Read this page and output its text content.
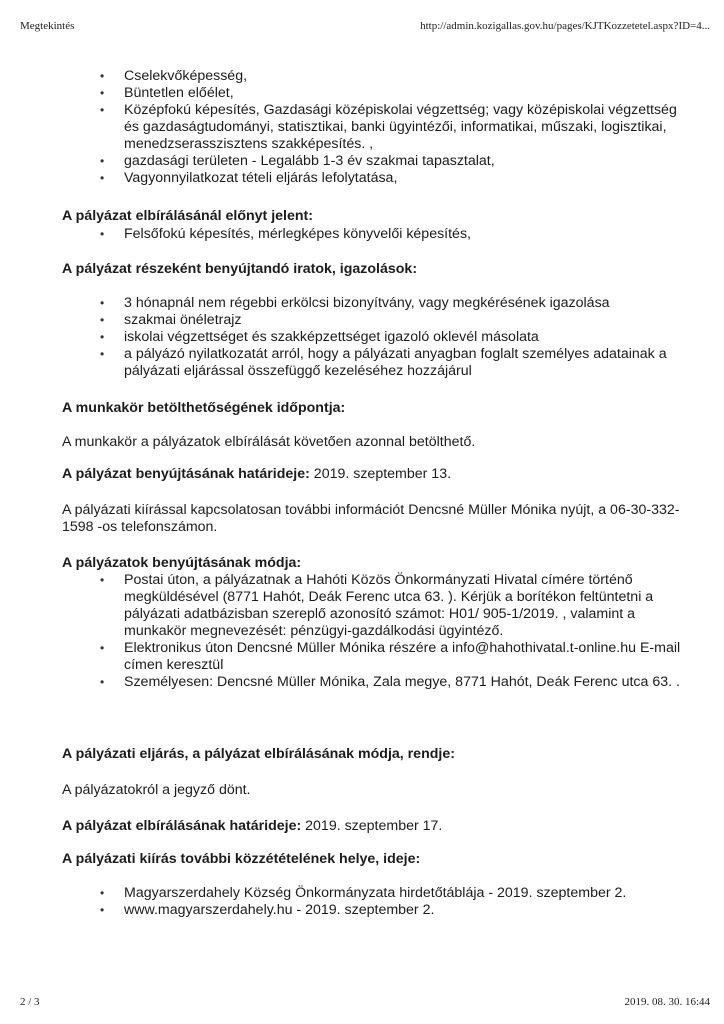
Megtekintés	http://admin.kozigallas.gov.hu/pages/KJTKozzetetel.aspx?ID=4...
• Cselekvőképesség,
• Büntetlen előélet,
• Középfokú képesítés, Gazdasági középiskolai végzettség; vagy középiskolai végzettség és gazdaságtudományi, statisztikai, banki ügyintézői, informatikai, műszaki, logisztikai, menedzserasszisztens szakképesítés. ,
• gazdasági területen - Legalább 1-3 év szakmai tapasztalat,
• Vagyonnyilatkozat tételi eljárás lefolytatása,
A pályázat elbírálásánál előnyt jelent:
• Felsőfokú képesítés, mérlegképes könyvelői képesítés,
A pályázat részeként benyújtandó iratok, igazolások:
• 3 hónapnál nem régebbi erkölcsi bizonyítvány, vagy megkérésének igazolása
• szakmai önéletrajz
• iskolai végzettséget és szakképzettséget igazoló oklevél másolata
• a pályázó nyilatkozatát arról, hogy a pályázati anyagban foglalt személyes adatainak a pályázati eljárással összefüggő kezeléséhez hozzájárul
A munkakör betölthetőségének időpontja:
A munkakör a pályázatok elbírálását követően azonnal betölthető.
A pályázat benyújtásának határideje: 2019. szeptember 13.
A pályázati kiírással kapcsolatosan további információt Dencsné Müller Mónika nyújt, a 06-30-332-1598 -os telefonszámon.
A pályázatok benyújtásának módja:
• Postai úton, a pályázatnak a Hahóti Közös Önkormányzati Hivatal címére történő megküldésével (8771 Hahót, Deák Ferenc utca 63. ). Kérjük a borítékon feltüntetni a pályázati adatbázisban szereplő azonosító számot: H01/ 905-1/2019. , valamint a munkakör megnevezését: pénzügyi-gazdálkodási ügyintéző.
• Elektronikus úton Dencsné Müller Mónika részére a info@hahothivatal.t-online.hu E-mail címen keresztül
• Személyesen: Dencsné Müller Mónika, Zala megye, 8771 Hahót, Deák Ferenc utca 63. .
A pályázati eljárás, a pályázat elbírálásának módja, rendje:
A pályázatokról a jegyző dönt.
A pályázat elbírálásának határideje: 2019. szeptember 17.
A pályázati kiírás további közzétételének helye, ideje:
• Magyarszerdahely Község Önkormányzata hirdetőtáblája - 2019. szeptember 2.
• www.magyarszerdahely.hu - 2019. szeptember 2.
2 / 3	2019. 08. 30. 16:44
